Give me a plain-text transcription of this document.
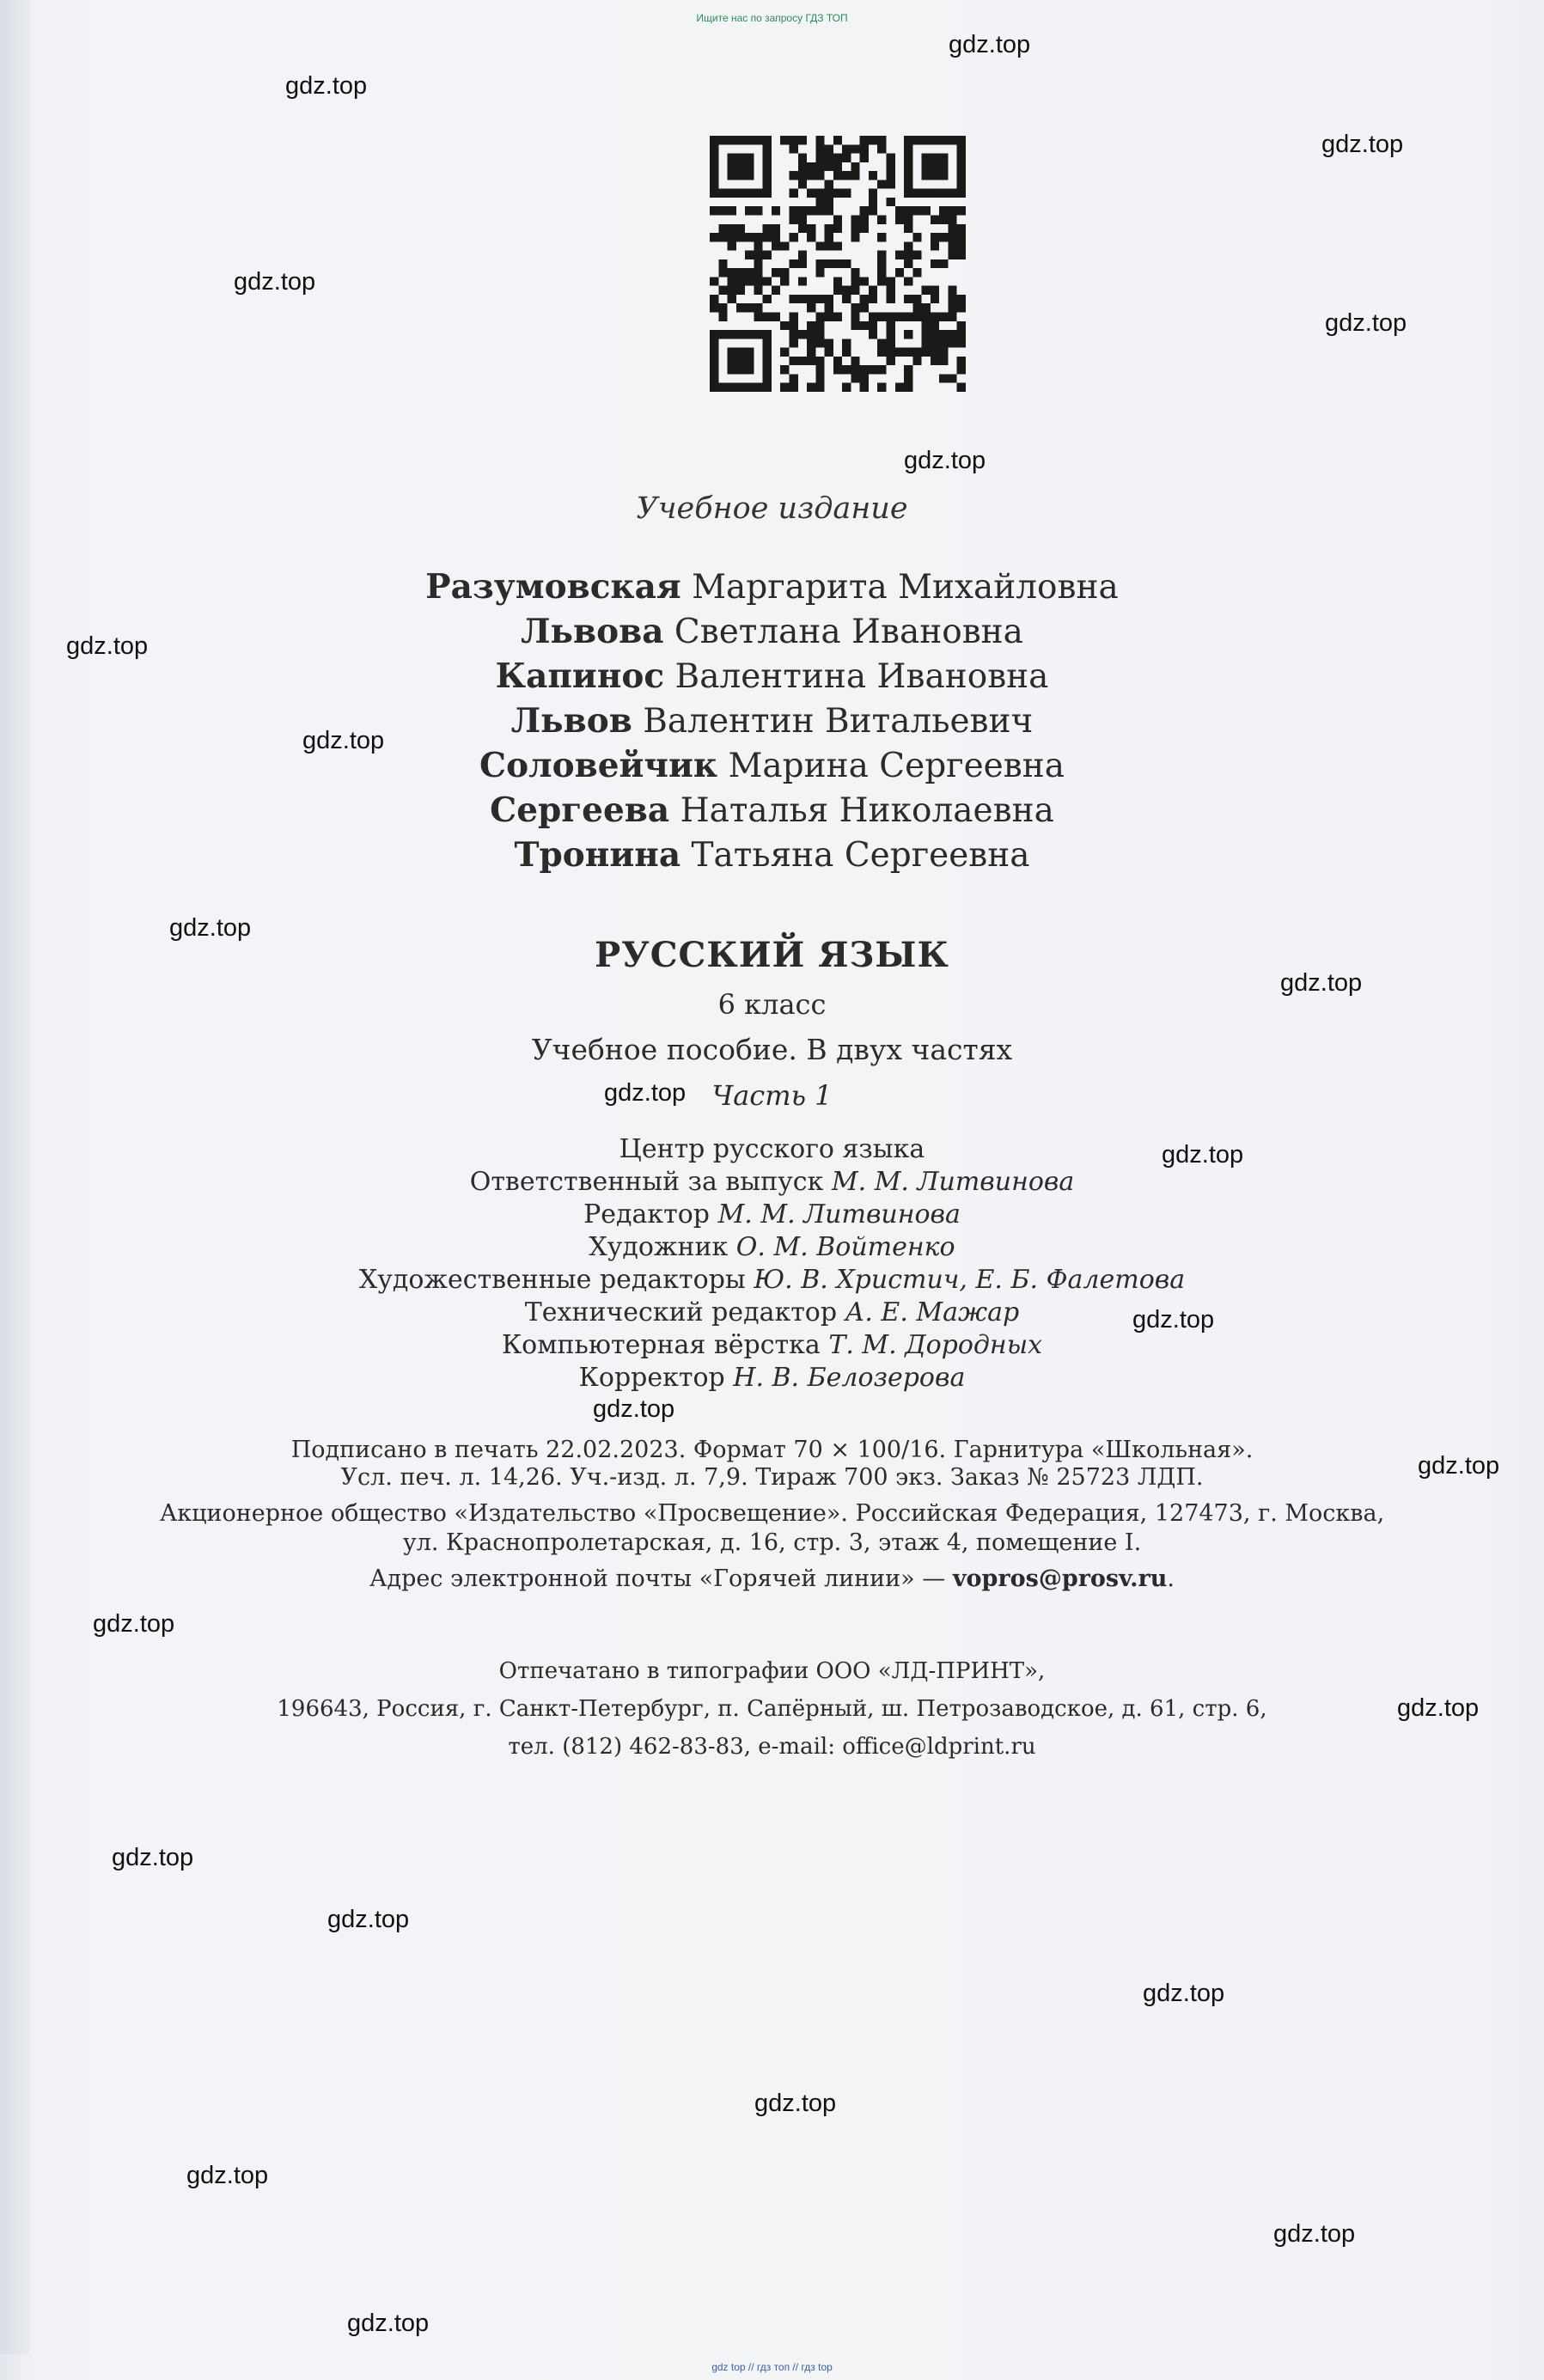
Ищите нас по запросу ГДЗ ТОП
gdz.top
gdz.top
gdz.top
gdz.top
gdz.top
gdz.top
gdz.top
gdz.top
gdz.top
gdz.top
gdz.top
gdz.top
gdz.top
gdz.top
gdz.top
gdz.top
gdz.top
gdz.top
gdz.top
gdz.top
gdz.top
gdz.top
gdz.top
gdz.top
Учебное издание
Разумовская Маргарита Михайловна
Львова Светлана Ивановна
Капинос Валентина Ивановна
Львов Валентин Витальевич
Соловейчик Марина Сергеевна
Сергеева Наталья Николаевна
Тронина Татьяна Сергеевна
РУССКИЙ ЯЗЫК
6 класс
Учебное пособие. В двух частях
Часть 1
Центр русского языка
Ответственный за выпуск М. М. Литвинова
Редактор М. М. Литвинова
Художник О. М. Войтенко
Художественные редакторы Ю. В. Христич, Е. Б. Фалетова
Технический редактор А. Е. Мажар
Компьютерная вёрстка Т. М. Дородных
Корректор Н. В. Белозерова
Подписано в печать 22.02.2023. Формат 70 × 100/16. Гарнитура «Школьная».
Усл. печ. л. 14,26. Уч.-изд. л. 7,9. Тираж 700 экз. Заказ № 25723 ЛДП.
Акционерное общество «Издательство «Просвещение». Российская Федерация, 127473, г. Москва,
ул. Краснопролетарская, д. 16, стр. 3, этаж 4, помещение I.
Адрес электронной почты «Горячей линии» — vopros@prosv.ru.
Отпечатано в типографии ООО «ЛД-ПРИНТ»,
196643, Россия, г. Санкт-Петербург, п. Сапёрный, ш. Петрозаводское, д. 61, стр. 6,
тел. (812) 462-83-83, e-mail: office@ldprint.ru
gdz top // гдз топ // гдз top
